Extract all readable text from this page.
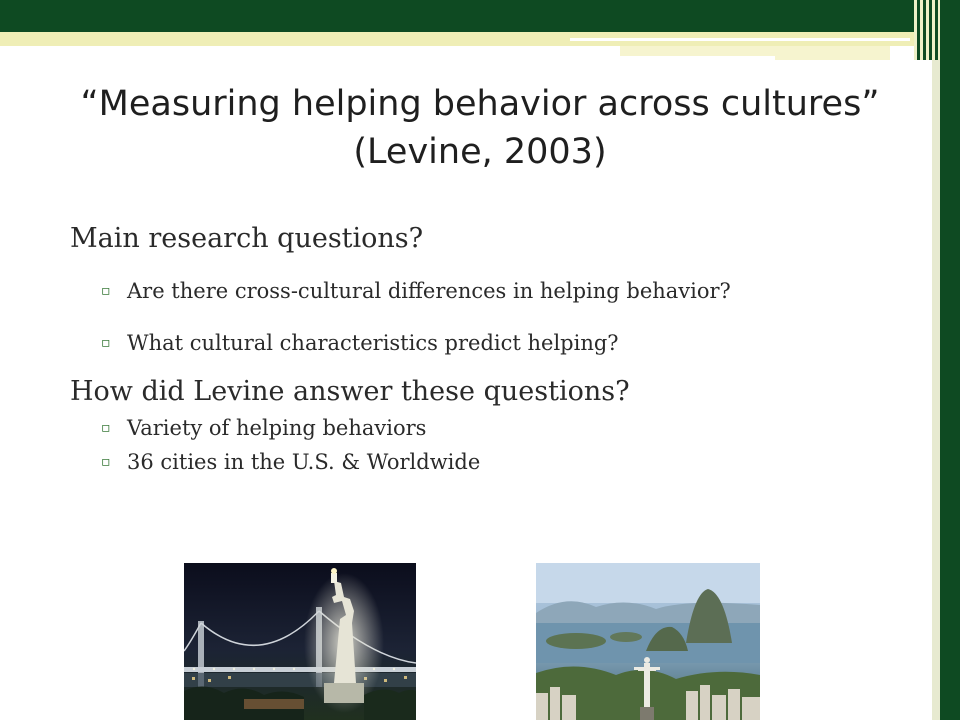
“Measuring helping behavior across cultures”
(Levine, 2003)

Main research questions?

▫ Are there cross-cultural differences in helping behavior?
▫ What cultural characteristics predict helping?

How did Levine answer these questions?

▫ Variety of helping behaviors
▫ 36 cities in the U.S. & Worldwide
